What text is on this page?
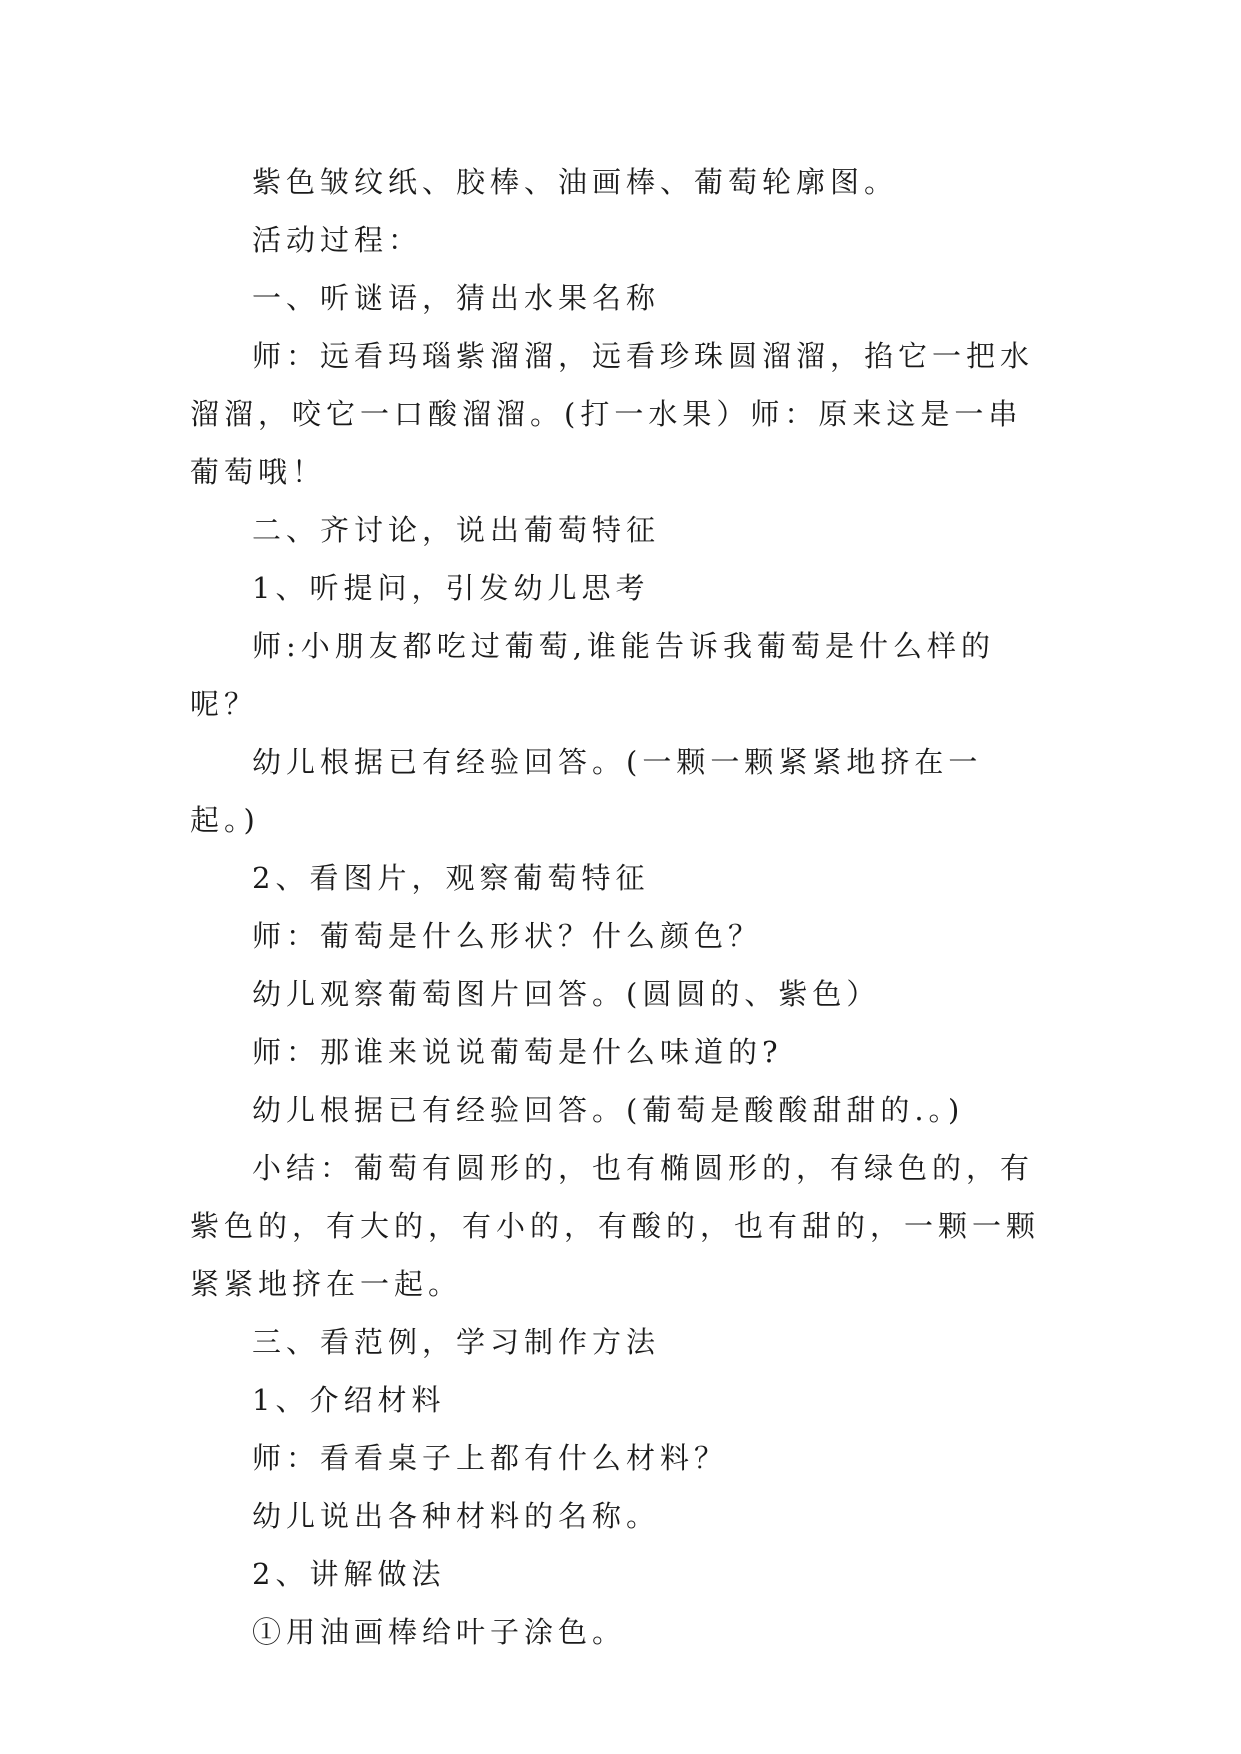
紫色皱纹纸、胶棒、油画棒、葡萄轮廓图。

活动过程：

一、听谜语，猜出水果名称

师：远看玛瑙紫溜溜，远看珍珠圆溜溜，掐它一把水溜溜，咬它一口酸溜溜。(打一水果）师：原来这是一串葡萄哦！

二、齐讨论，说出葡萄特征

1、听提问，引发幼儿思考

师:小朋友都吃过葡萄,谁能告诉我葡萄是什么样的呢？

幼儿根据已有经验回答。(一颗一颗紧紧地挤在一起。)

2、看图片，观察葡萄特征

师：葡萄是什么形状？什么颜色？

幼儿观察葡萄图片回答。(圆圆的、紫色）

师：那谁来说说葡萄是什么味道的?

幼儿根据已有经验回答。(葡萄是酸酸甜甜的.。)

小结：葡萄有圆形的，也有椭圆形的，有绿色的，有紫色的，有大的，有小的，有酸的，也有甜的，一颗一颗紧紧地挤在一起。

三、看范例，学习制作方法

1、介绍材料

师：看看桌子上都有什么材料？

幼儿说出各种材料的名称。

2、讲解做法

①用油画棒给叶子涂色。
